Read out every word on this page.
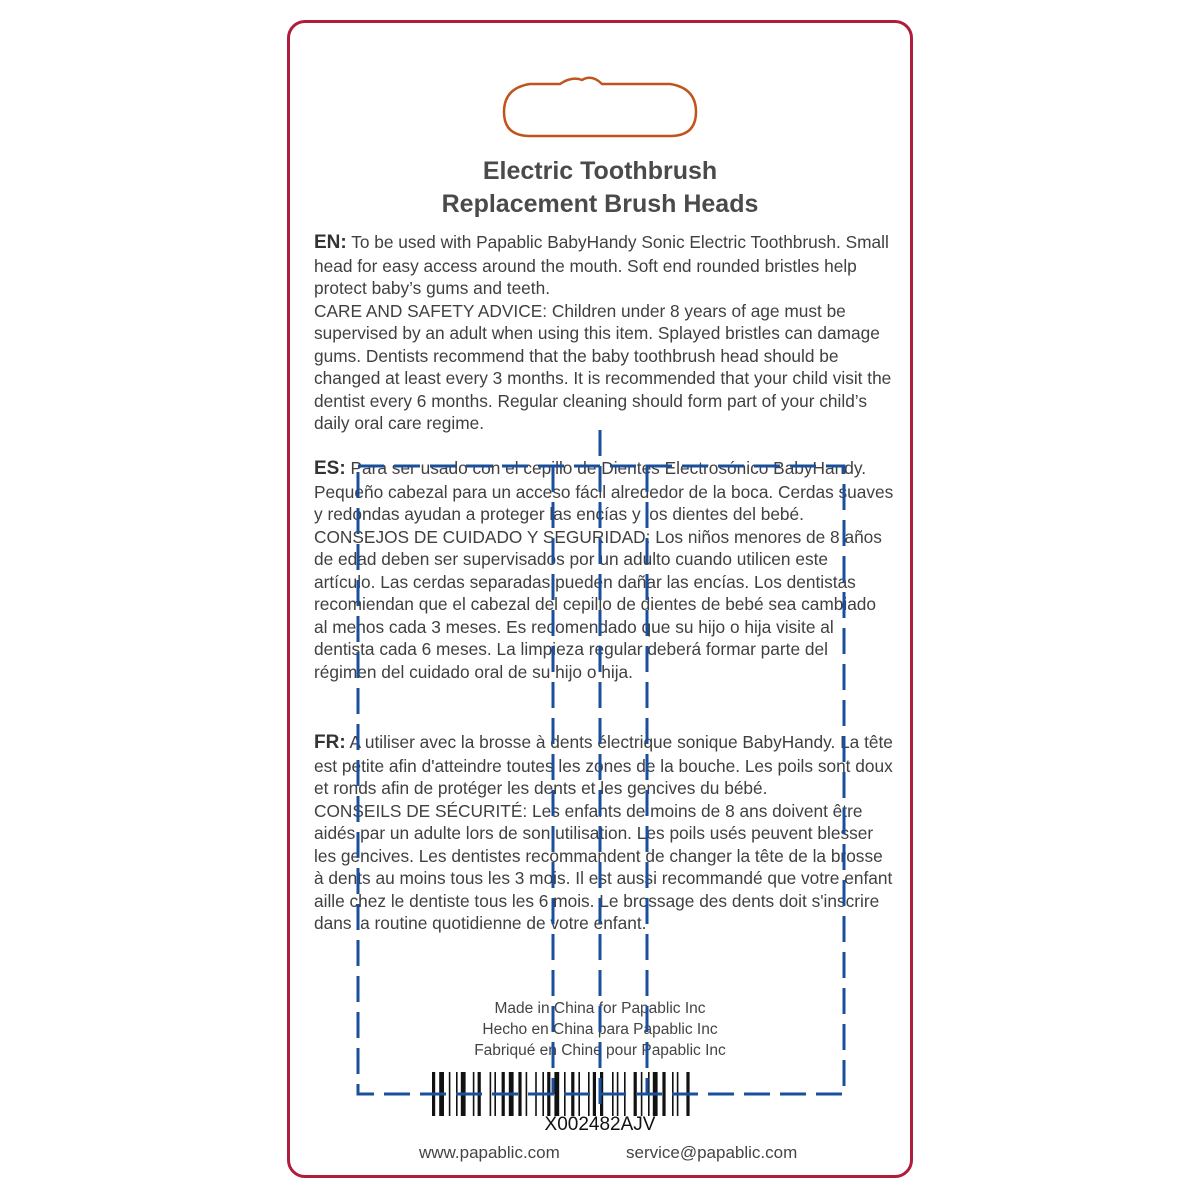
Electric Toothbrush
Replacement Brush Heads

EN: To be used with Papablic BabyHandy Sonic Electric Toothbrush. Small head for easy access around the mouth. Soft end rounded bristles help protect baby’s gums and teeth.

CARE AND SAFETY ADVICE: Children under 8 years of age must be supervised by an adult when using this item. Splayed bristles can damage gums. Dentists recommend that the baby toothbrush head should be changed at least every 3 months. It is recommended that your child visit the dentist every 6 months. Regular cleaning should form part of your child’s daily oral care regime.

ES: Para ser usado con el cepillo de Dientes Electrosónico BabyHandy. Pequeño cabezal para un acceso fácil alrededor de la boca. Cerdas suaves y redondas ayudan a proteger las encías y los dientes del bebé.

CONSEJOS DE CUIDADO Y SEGURIDAD: Los niños menores de 8 años de edad deben ser supervisados por un adulto cuando utilicen este artículo. Las cerdas separadas pueden dañar las encías. Los dentistas recomiendan que el cabezal del cepillo de dientes de bebé sea cambiado al menos cada 3 meses. Es recomendado que su hijo o hija visite al dentista cada 6 meses. La limpieza regular deberá formar parte del régimen del cuidado oral de su hijo o hija.

FR: A utiliser avec la brosse à dents électrique sonique BabyHandy. La tête est petite afin d'atteindre toutes les zones de la bouche. Les poils sont doux et ronds afin de protéger les dents et les gencives du bébé.

CONSEILS DE SÉCURITÉ: Les enfants de moins de 8 ans doivent être aidés par un adulte lors de son utilisation. Les poils usés peuvent blesser les gencives. Les dentistes recommandent de changer la tête de la brosse à dents au moins tous les 3 mois. Il est aussi recommandé que votre enfant aille chez le dentiste tous les 6 mois. Le brossage des dents doit s'inscrire dans la routine quotidienne de votre enfant.

Made in China for Papablic Inc
Hecho en China para Papablic Inc
Fabriqué en Chine pour Papablic Inc
X002482AJV
www.papablic.com	service@papablic.com
